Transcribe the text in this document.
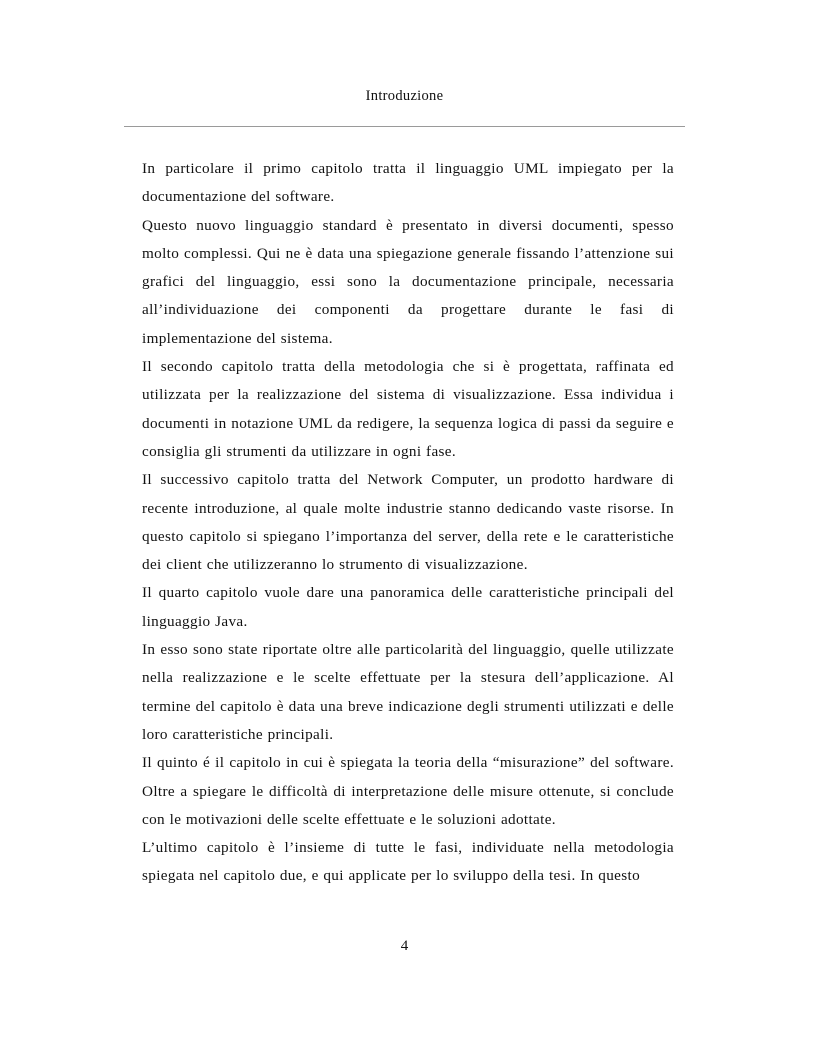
Introduzione

In particolare il primo capitolo tratta il linguaggio UML impiegato per la documentazione del software.

Questo nuovo linguaggio standard è presentato in diversi documenti, spesso molto complessi. Qui ne è data una spiegazione generale fissando l’attenzione sui grafici del linguaggio, essi sono la documentazione principale, necessaria all’individuazione dei componenti da progettare durante le fasi di implementazione del sistema.

Il secondo capitolo tratta della metodologia che si è progettata, raffinata ed utilizzata per la realizzazione del sistema di visualizzazione. Essa individua i documenti in notazione UML da redigere, la sequenza logica di passi da seguire e consiglia gli strumenti da utilizzare in ogni fase.

Il successivo capitolo tratta del Network Computer, un prodotto hardware di recente introduzione, al quale molte industrie stanno dedicando vaste risorse. In questo capitolo si spiegano l’importanza del server, della rete e le caratteristiche dei client che utilizzeranno lo strumento di visualizzazione.

Il quarto capitolo vuole dare una panoramica delle caratteristiche principali del linguaggio Java.

In esso sono state riportate oltre alle particolarità del linguaggio, quelle utilizzate nella realizzazione e le scelte effettuate per la stesura dell’applicazione. Al termine del capitolo è data una breve indicazione degli strumenti utilizzati e delle loro caratteristiche principali.

Il quinto é il capitolo in cui è spiegata la teoria della “misurazione” del software. Oltre a spiegare le difficoltà di interpretazione delle misure ottenute, si conclude con le motivazioni delle scelte effettuate e le soluzioni adottate.

L’ultimo capitolo è l’insieme di tutte le fasi, individuate nella metodologia spiegata nel capitolo due, e qui applicate per lo sviluppo della tesi. In questo

4
